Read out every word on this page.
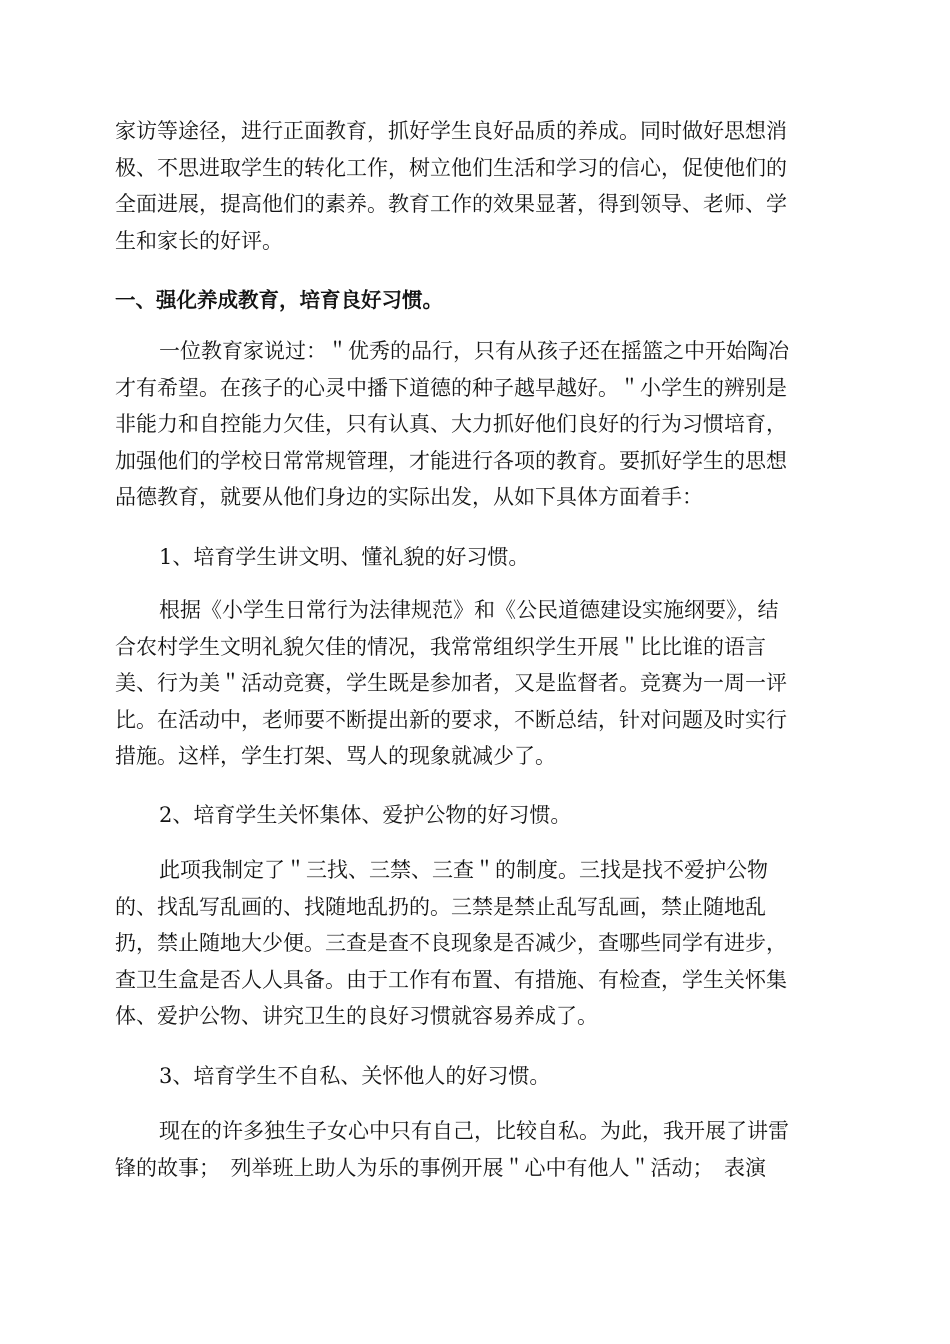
家访等途径，进行正面教育，抓好学生良好品质的养成。同时做好思想消
极、不思进取学生的转化工作，树立他们生活和学习的信心，促使他们的
全面进展，提高他们的素养。教育工作的效果显著，得到领导、老师、学
生和家长的好评。

一、强化养成教育，培育良好习惯。

一位教育家说过：＂优秀的品行，只有从孩子还在摇篮之中开始陶冶
才有希望。在孩子的心灵中播下道德的种子越早越好。＂小学生的辨别是
非能力和自控能力欠佳，只有认真、大力抓好他们良好的行为习惯培育，
加强他们的学校日常常规管理，才能进行各项的教育。要抓好学生的思想
品德教育，就要从他们身边的实际出发，从如下具体方面着手：

1、培育学生讲文明、懂礼貌的好习惯。

根据《小学生日常行为法律规范》和《公民道德建设实施纲要》，结
合农村学生文明礼貌欠佳的情况，我常常组织学生开展＂比比谁的语言
美、行为美＂活动竞赛，学生既是参加者，又是监督者。竞赛为一周一评
比。在活动中，老师要不断提出新的要求，不断总结，针对问题及时实行
措施。这样，学生打架、骂人的现象就减少了。

2、培育学生关怀集体、爱护公物的好习惯。

此项我制定了＂三找、三禁、三查＂的制度。三找是找不爱护公物
的、找乱写乱画的、找随地乱扔的。三禁是禁止乱写乱画，禁止随地乱
扔，禁止随地大少便。三查是查不良现象是否减少，查哪些同学有进步，
查卫生盒是否人人具备。由于工作有布置、有措施、有检查，学生关怀集
体、爱护公物、讲究卫生的良好习惯就容易养成了。

3、培育学生不自私、关怀他人的好习惯。

现在的许多独生子女心中只有自己，比较自私。为此，我开展了讲雷
锋的故事；　列举班上助人为乐的事例开展＂心中有他人＂活动；　表演
